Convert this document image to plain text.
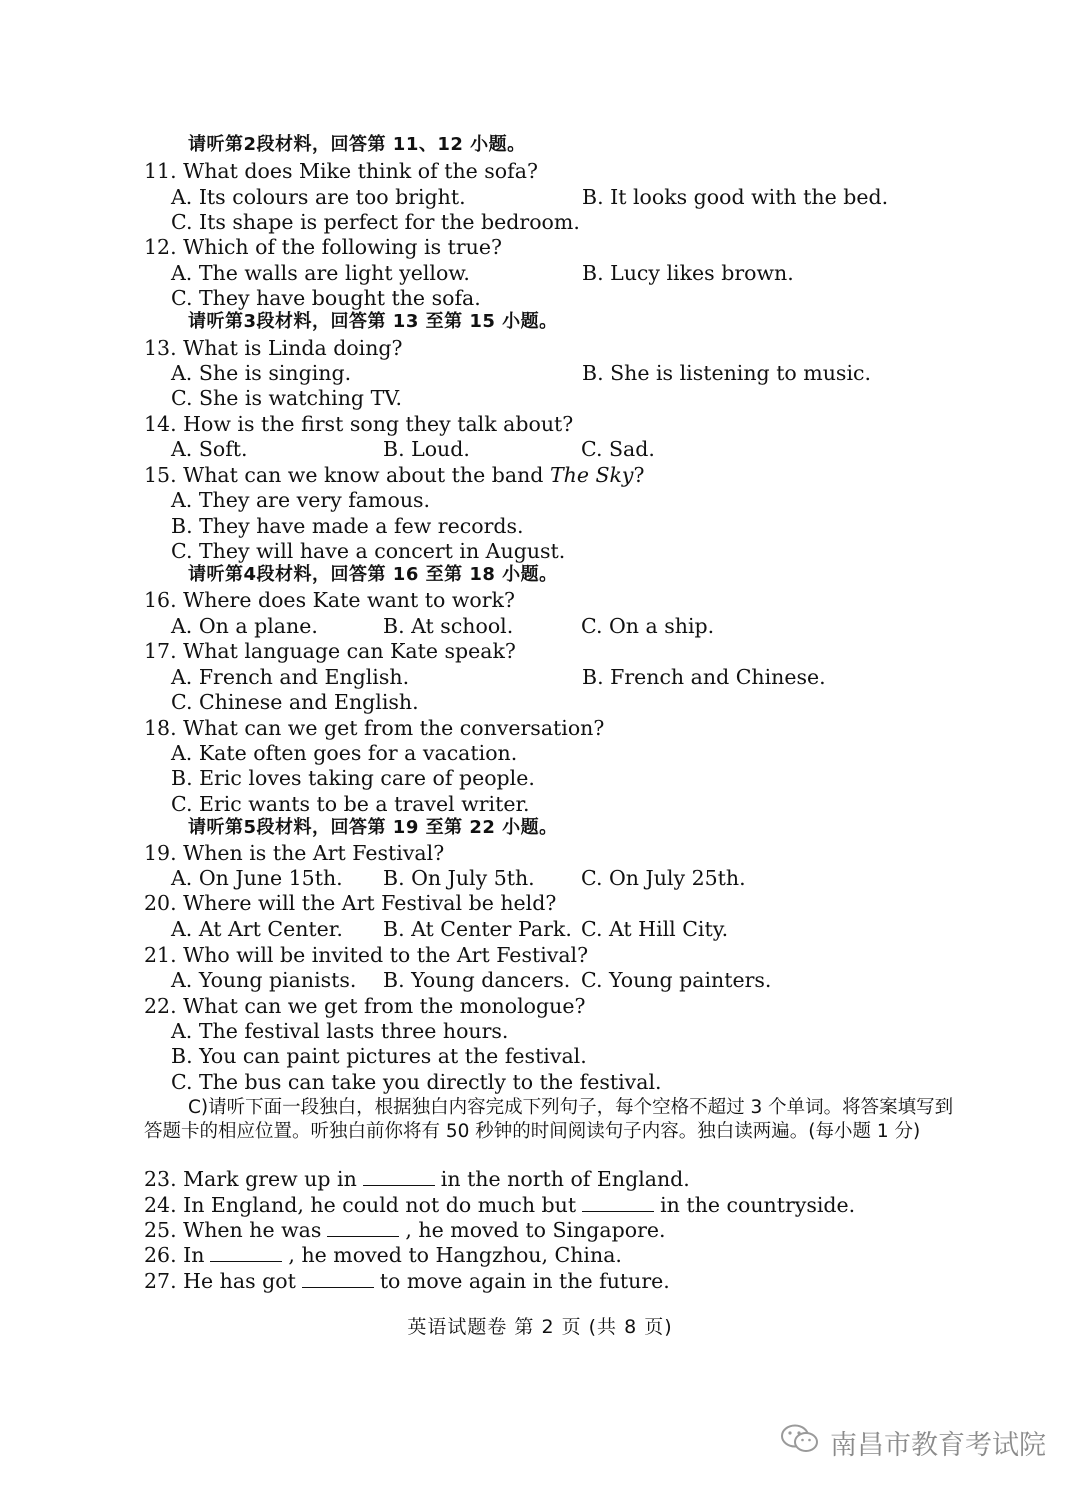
请听第2段材料，回答第 11、12 小题。
11. What does Mike think of the sofa?
A. Its colours are too bright.	B. It looks good with the bed.
C. Its shape is perfect for the bedroom.
12. Which of the following is true?
A. The walls are light yellow.	B. Lucy likes brown.
C. They have bought the sofa.
请听第3段材料，回答第 13 至第 15 小题。
13. What is Linda doing?
A. She is singing.	B. She is listening to music.
C. She is watching TV.
14. How is the first song they talk about?
A. Soft.	B. Loud.	C. Sad.
15. What can we know about the band The Sky?
A. They are very famous.
B. They have made a few records.
C. They will have a concert in August.
请听第4段材料，回答第 16 至第 18 小题。
16. Where does Kate want to work?
A. On a plane.	B. At school.	C. On a ship.
17. What language can Kate speak?
A. French and English.	B. French and Chinese.
C. Chinese and English.
18. What can we get from the conversation?
A. Kate often goes for a vacation.
B. Eric loves taking care of people.
C. Eric wants to be a travel writer.
请听第5段材料，回答第 19 至第 22 小题。
19. When is the Art Festival?
A. On June 15th. B. On July 5th. C. On July 25th.
20. Where will the Art Festival be held?
A. At Art Center. B. At Center Park. C. At Hill City.
21. Who will be invited to the Art Festival?
A. Young pianists. B. Young dancers. C. Young painters.
22. What can we get from the monologue?
A. The festival lasts three hours.
B. You can paint pictures at the festival.
C. The bus can take you directly to the festival.
C)请听下面一段独白，根据独白内容完成下列句子，每个空格不超过 3 个单词。将答案填写到答题卡的相应位置。听独白前你将有 50 秒钟的时间阅读句子内容。独白读两遍。(每小题 1 分)
23. Mark grew up in	in the north of England.
24. In England, he could not do much but	in the countryside.
25. When he was	, he moved to Singapore.
26. In	, he moved to Hangzhou, China.
27. He has got	to move again in the future.
英语试题卷 第 2 页 (共 8 页)
南昌市教育考试院
